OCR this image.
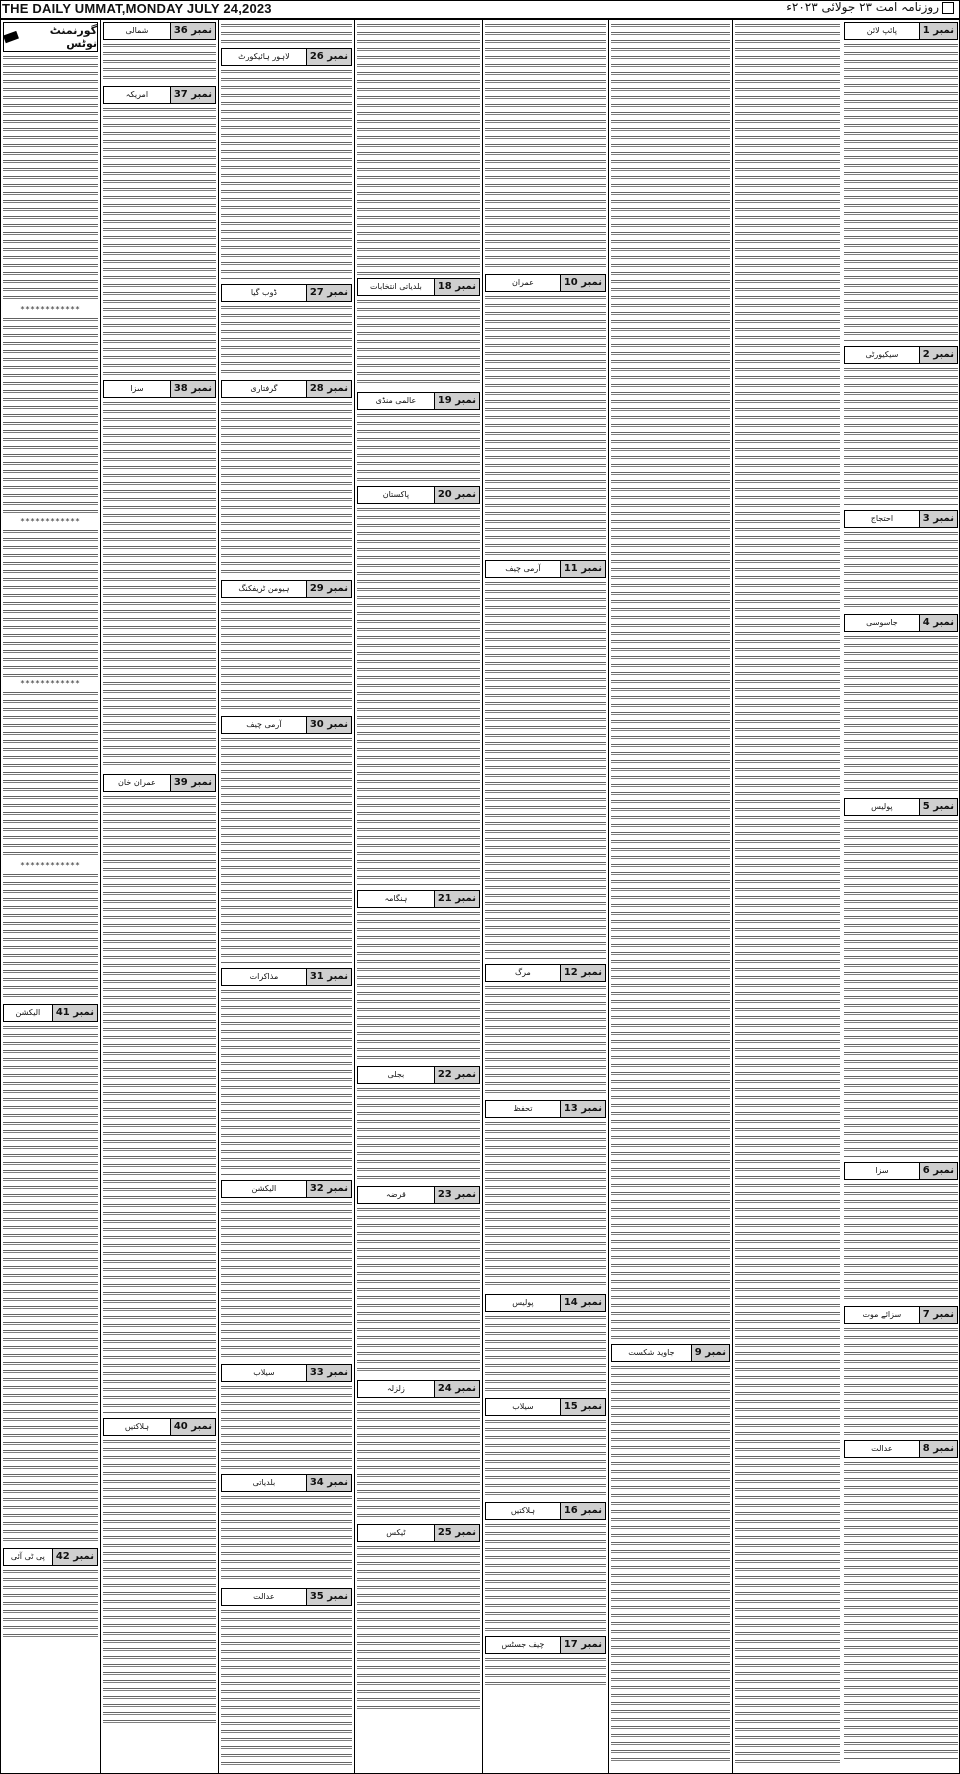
THE DAILY UMMAT,MONDAY JULY 24,2023	روزنامہ امت ۲۳ جولائی ۲۰۲۳ء
گورنمنٹ نوٹس
************
************
************
************
نمبر 41
الیکشن
نمبر 42
پی ٹی آئی
نمبر 36
شمالی
نمبر 37
امریکہ
نمبر 38
سزا
نمبر 39
عمران خان
نمبر 40
ہلاکتیں
نمبر 26
لاہور ہائیکورٹ
نمبر 27
ڈوب گیا
نمبر 28
گرفتاری
نمبر 29
ہیومن ٹریفکنگ
نمبر 30
آرمی چیف
نمبر 31
مذاکرات
نمبر 32
الیکشن
نمبر 33
سیلاب
نمبر 34
بلدیاتی
نمبر 35
عدالت
نمبر 18
بلدیاتی انتخابات
نمبر 19
عالمی منڈی
نمبر 20
پاکستان
نمبر 21
ہنگامہ
نمبر 22
بجلی
نمبر 23
قرضہ
نمبر 24
زلزلہ
نمبر 25
ٹیکس
نمبر 10
عمران
نمبر 11
آرمی چیف
نمبر 12
مرگ
نمبر 13
تحفظ
نمبر 14
پولیس
نمبر 15
سیلاب
نمبر 16
ہلاکتیں
نمبر 17
چیف جسٹس
نمبر 9
جاوید شکست
نمبر 1
پائپ لائن
نمبر 2
سیکیورٹی
نمبر 3
احتجاج
نمبر 4
جاسوسی
نمبر 5
پولیس
نمبر 6
سزا
نمبر 7
سزائے موت
نمبر 8
عدالت
